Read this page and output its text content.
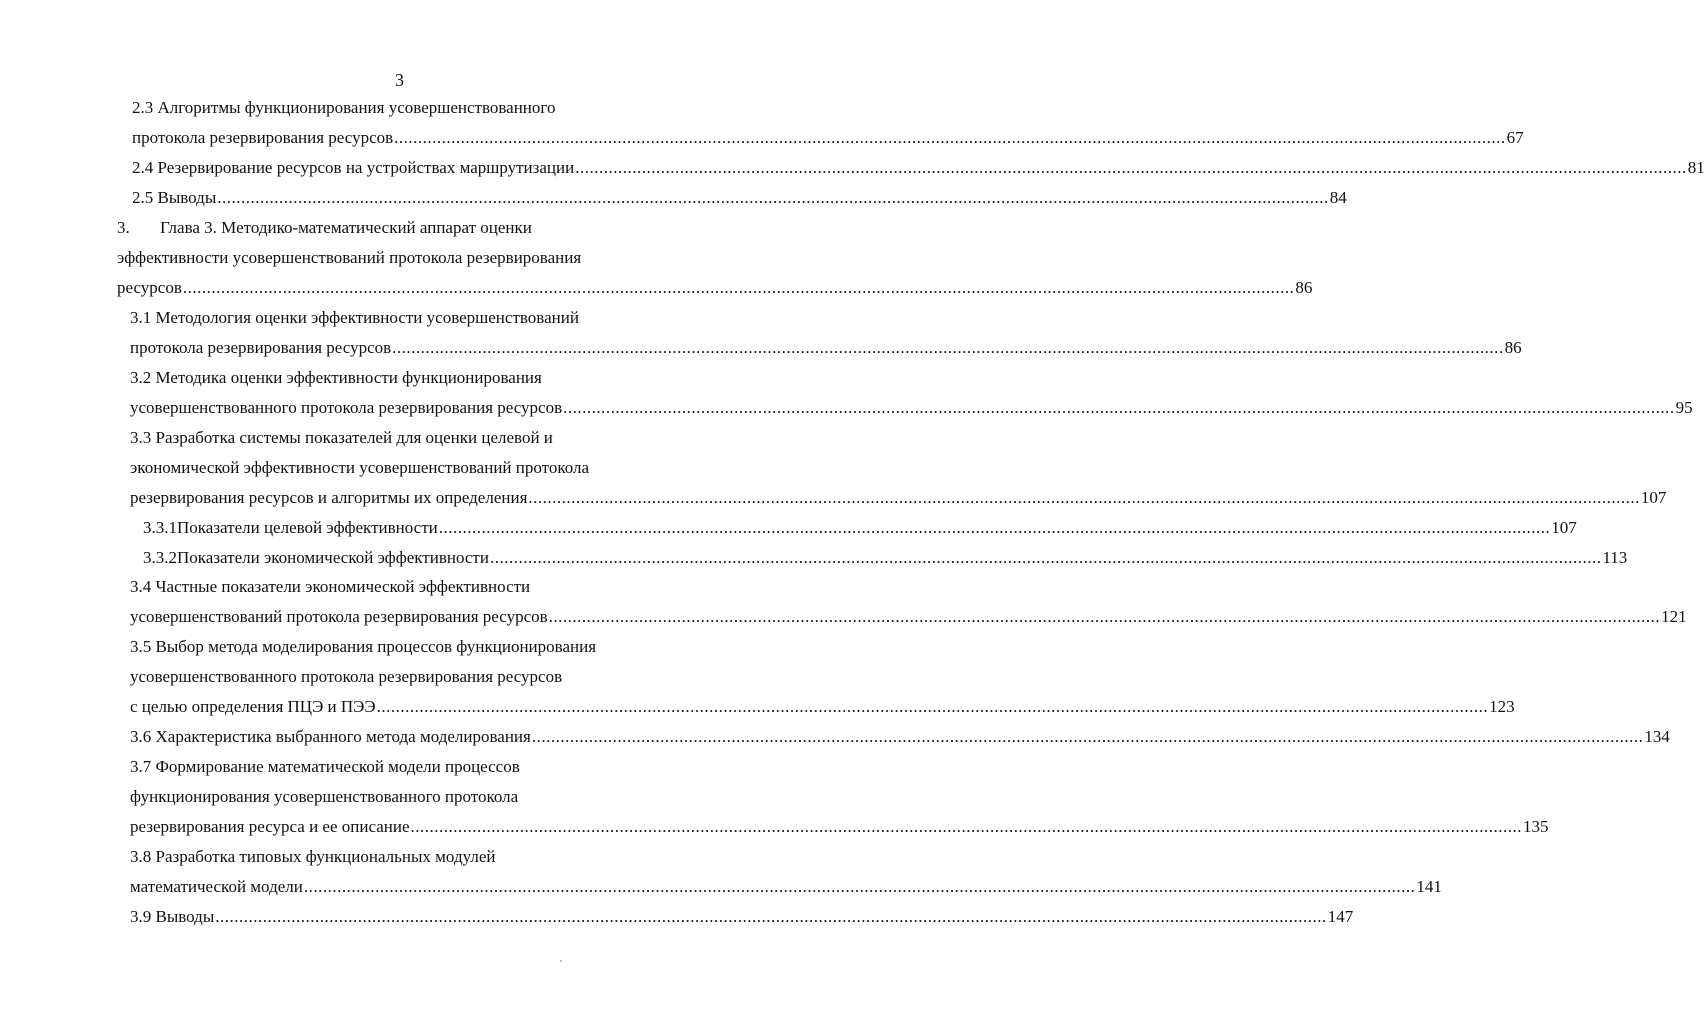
3
2.3 Алгоритмы функционирования усовершенствованного
протокола резервирования ресурсов .......................................................................................................................................................................................................................................... 67
2.4 Резервирование ресурсов на устройствах маршрутизации .......................................................................................................................................................................................................................................... 81
2.5 Выводы .......................................................................................................................................................................................................................................... 84
3. Глава 3. Методико-математический аппарат оценки
эффективности усовершенствований протокола резервирования
ресурсов .......................................................................................................................................................................................................................................... 86
3.1 Методология оценки эффективности усовершенствований
протокола резервирования ресурсов .......................................................................................................................................................................................................................................... 86
3.2 Методика оценки эффективности функционирования
усовершенствованного протокола резервирования ресурсов .......................................................................................................................................................................................................................................... 95
3.3 Разработка системы показателей для оценки целевой и
экономической эффективности усовершенствований протокола
резервирования ресурсов и алгоритмы их определения .......................................................................................................................................................................................................................................... 107
3.3.1 Показатели целевой эффективности .......................................................................................................................................................................................................................................... 107
3.3.2 Показатели экономической эффективности .......................................................................................................................................................................................................................................... 113
3.4 Частные показатели экономической эффективности
усовершенствований протокола резервирования ресурсов .......................................................................................................................................................................................................................................... 121
3.5 Выбор метода моделирования процессов функционирования
усовершенствованного протокола резервирования ресурсов
с целью определения ПЦЭ и ПЭЭ .......................................................................................................................................................................................................................................... 123
3.6 Характеристика выбранного метода моделирования .......................................................................................................................................................................................................................................... 134
3.7 Формирование математической модели процессов
функционирования усовершенствованного протокола
резервирования ресурса и ее описание .......................................................................................................................................................................................................................................... 135
3.8 Разработка типовых функциональных модулей
математической модели .......................................................................................................................................................................................................................................... 141
3.9 Выводы .......................................................................................................................................................................................................................................... 147
